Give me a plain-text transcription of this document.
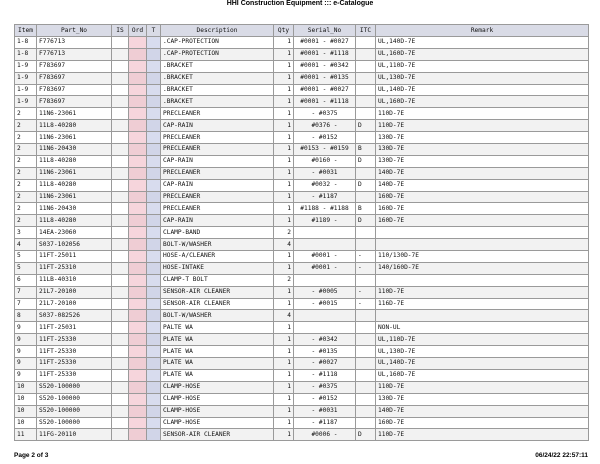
HHI Construction Equipment ::: e-Catalogue
Item	Part_No	IS	Ord	T	Description	Qty	Serial_No	ITC	Remark
1-8	F776713				.CAP-PROTECTION	1	#0001 - #0027		UL,140D-7E
1-8	F776713				.CAP-PROTECTION	1	#0001 - #1118		UL,160D-7E
1-9	F783697				.BRACKET	1	#0001 - #0342		UL,110D-7E
1-9	F783697				.BRACKET	1	#0001 - #0135		UL,130D-7E
1-9	F783697				.BRACKET	1	#0001 - #0027		UL,140D-7E
1-9	F783697				.BRACKET	1	#0001 - #1118		UL,160D-7E
2	11N6-23061				PRECLEANER	1	- #0375		110D-7E
2	11L8-40280				CAP-RAIN	1	#0376 -	D	110D-7E
2	11N6-23061				PRECLEANER	1	- #0152		130D-7E
2	11N6-20430				PRECLEANER	1	#0153 - #0159	B	130D-7E
2	11L8-40280				CAP-RAIN	1	#0160 -	D	130D-7E
2	11N6-23061				PRECLEANER	1	- #0031		140D-7E
2	11L8-40280				CAP-RAIN	1	#0032 -	D	140D-7E
2	11N6-23061				PRECLEANER	1	- #1187		160D-7E
2	11N6-20430				PRECLEANER	1	#1188 - #1188	B	160D-7E
2	11L8-40280				CAP-RAIN	1	#1189 -	D	160D-7E
3	14EA-23060				CLAMP-BAND	2			
4	S037-102056				BOLT-W/WASHER	4			
5	11FT-25011				HOSE-A/CLEANER	1	#0001 -	-	110/130D-7E
5	11FT-25310				HOSE-INTAKE	1	#0001 -	-	140/160D-7E
6	11LB-40310				CLAMP-T BOLT	2			
7	21L7-20100				SENSOR-AIR CLEANER	1	- #0005	-	110D-7E
7	21L7-20100				SENSOR-AIR CLEANER	1	- #0015	-	116D-7E
8	S037-082526				BOLT-W/WASHER	4			
9	11FT-25031				PALTE WA	1			NON-UL
9	11FT-25330				PLATE WA	1	- #0342		UL,110D-7E
9	11FT-25330				PLATE WA	1	- #0135		UL,130D-7E
9	11FT-25330				PLATE WA	1	- #0027		UL,140D-7E
9	11FT-25330				PLATE WA	1	- #1118		UL,160D-7E
10	S520-100000				CLAMP-HOSE	1	- #0375		110D-7E
10	S520-100000				CLAMP-HOSE	1	- #0152		130D-7E
10	S520-100000				CLAMP-HOSE	1	- #0031		140D-7E
10	S520-100000				CLAMP-HOSE	1	- #1187		160D-7E
11	11FG-20110				SENSOR-AIR CLEANER	1	#0006 -	D	110D-7E
Page 2 of 3	06/24/22 22:57:11
